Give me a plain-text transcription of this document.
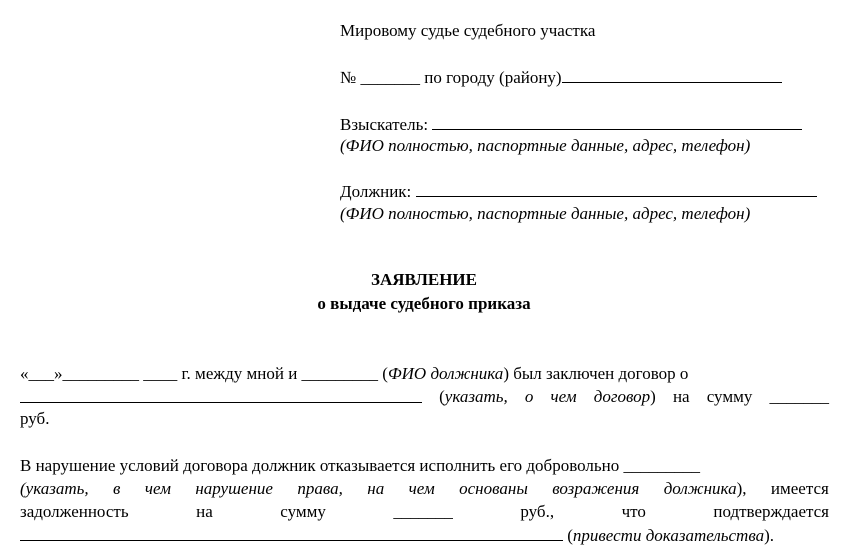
Мировому судье судебного участка
№ _______ по городу (району)
Взыскатель:
(ФИО полностью, паспортные данные, адрес, телефон)
Должник:
(ФИО полностью, паспортные данные, адрес, телефон)
ЗАЯВЛЕНИЕ
о выдаче судебного приказа
«___»_________ ____ г. между мной и _________ (ФИО должника) был заключен договор о
(указать, о чем договор) на сумму _______
руб.
В нарушение условий договора должник отказывается исполнить его добровольно _________
(указать, в чем нарушение права, на чем основаны возражения должника), имеется
задолженность	на	сумму	_______	руб.,	что	подтверждается
(привести доказательства).
